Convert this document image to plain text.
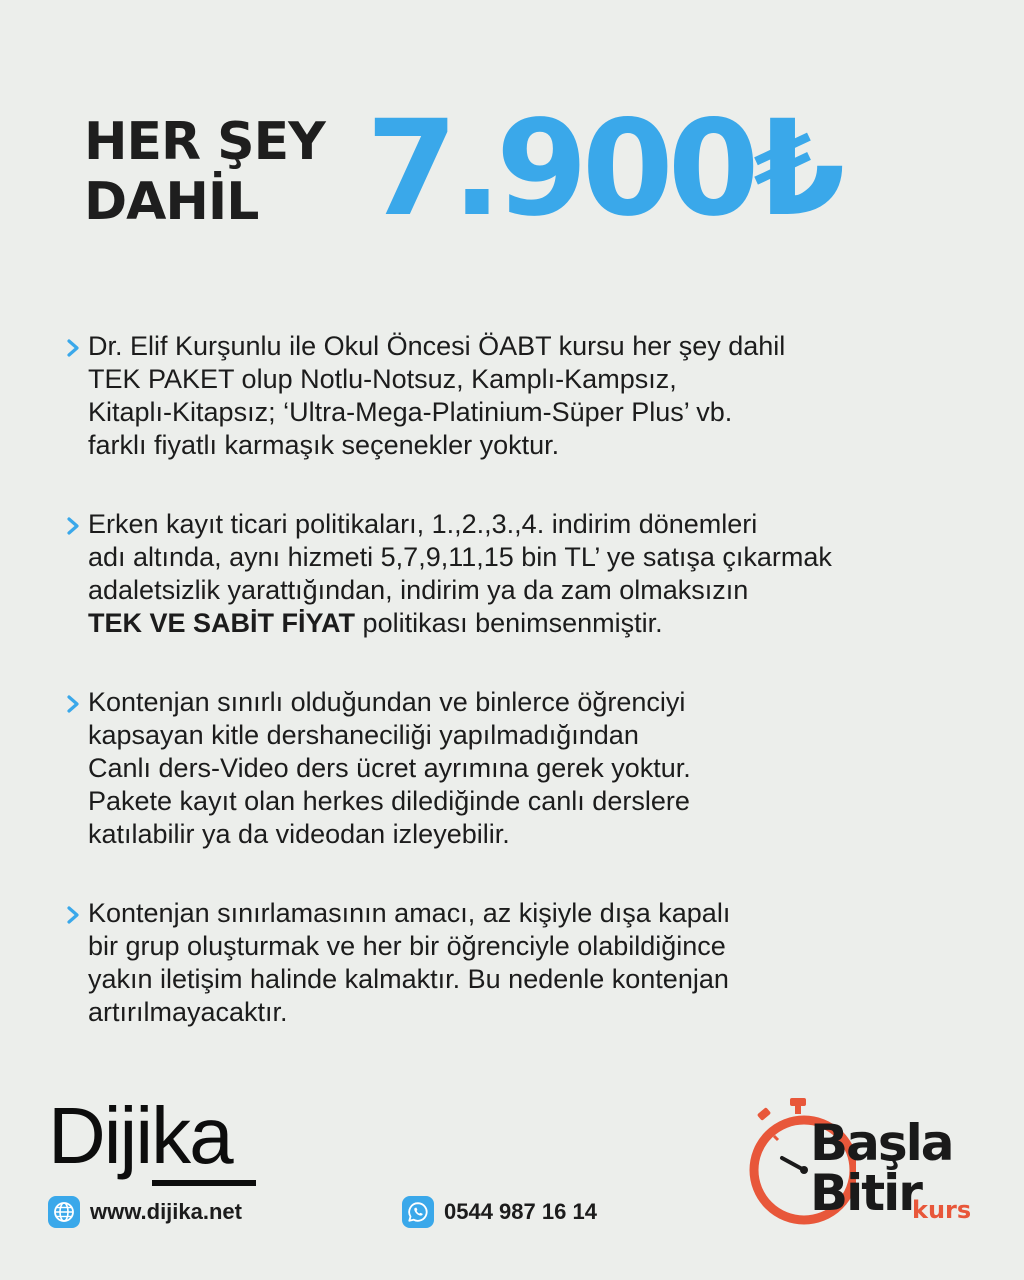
HER ŞEY
DAHİL 7.900₺
Dr. Elif Kurşunlu ile Okul Öncesi ÖABT kursu her şey dahil
TEK PAKET olup Notlu-Notsuz, Kamplı-Kampsız,
Kitaplı-Kitapsız; ‘Ultra-Mega-Platinium-Süper Plus’ vb.
farklı fiyatlı karmaşık seçenekler yoktur.
Erken kayıt ticari politikaları, 1.,2.,3.,4. indirim dönemleri
adı altında, aynı hizmeti 5,7,9,11,15 bin TL’ ye satışa çıkarmak
adaletsizlik yarattığından, indirim ya da zam olmaksızın
TEK VE SABİT FİYAT politikası benimsenmiştir.
Kontenjan sınırlı olduğundan ve binlerce öğrenciyi
kapsayan kitle dershaneciliği yapılmadığından
Canlı ders-Video ders ücret ayrımına gerek yoktur.
Pakete kayıt olan herkes dilediğinde canlı derslere
katılabilir ya da videodan izleyebilir.
Kontenjan sınırlamasının amacı, az kişiyle dışa kapalı
bir grup oluşturmak ve her bir öğrenciyle olabildiğince
yakın iletişim halinde kalmaktır. Bu nedenle kontenjan
artırılmayacaktır.
Dijika
www.dijika.net	0544 987 16 14
Başla
Bitir
kurs
